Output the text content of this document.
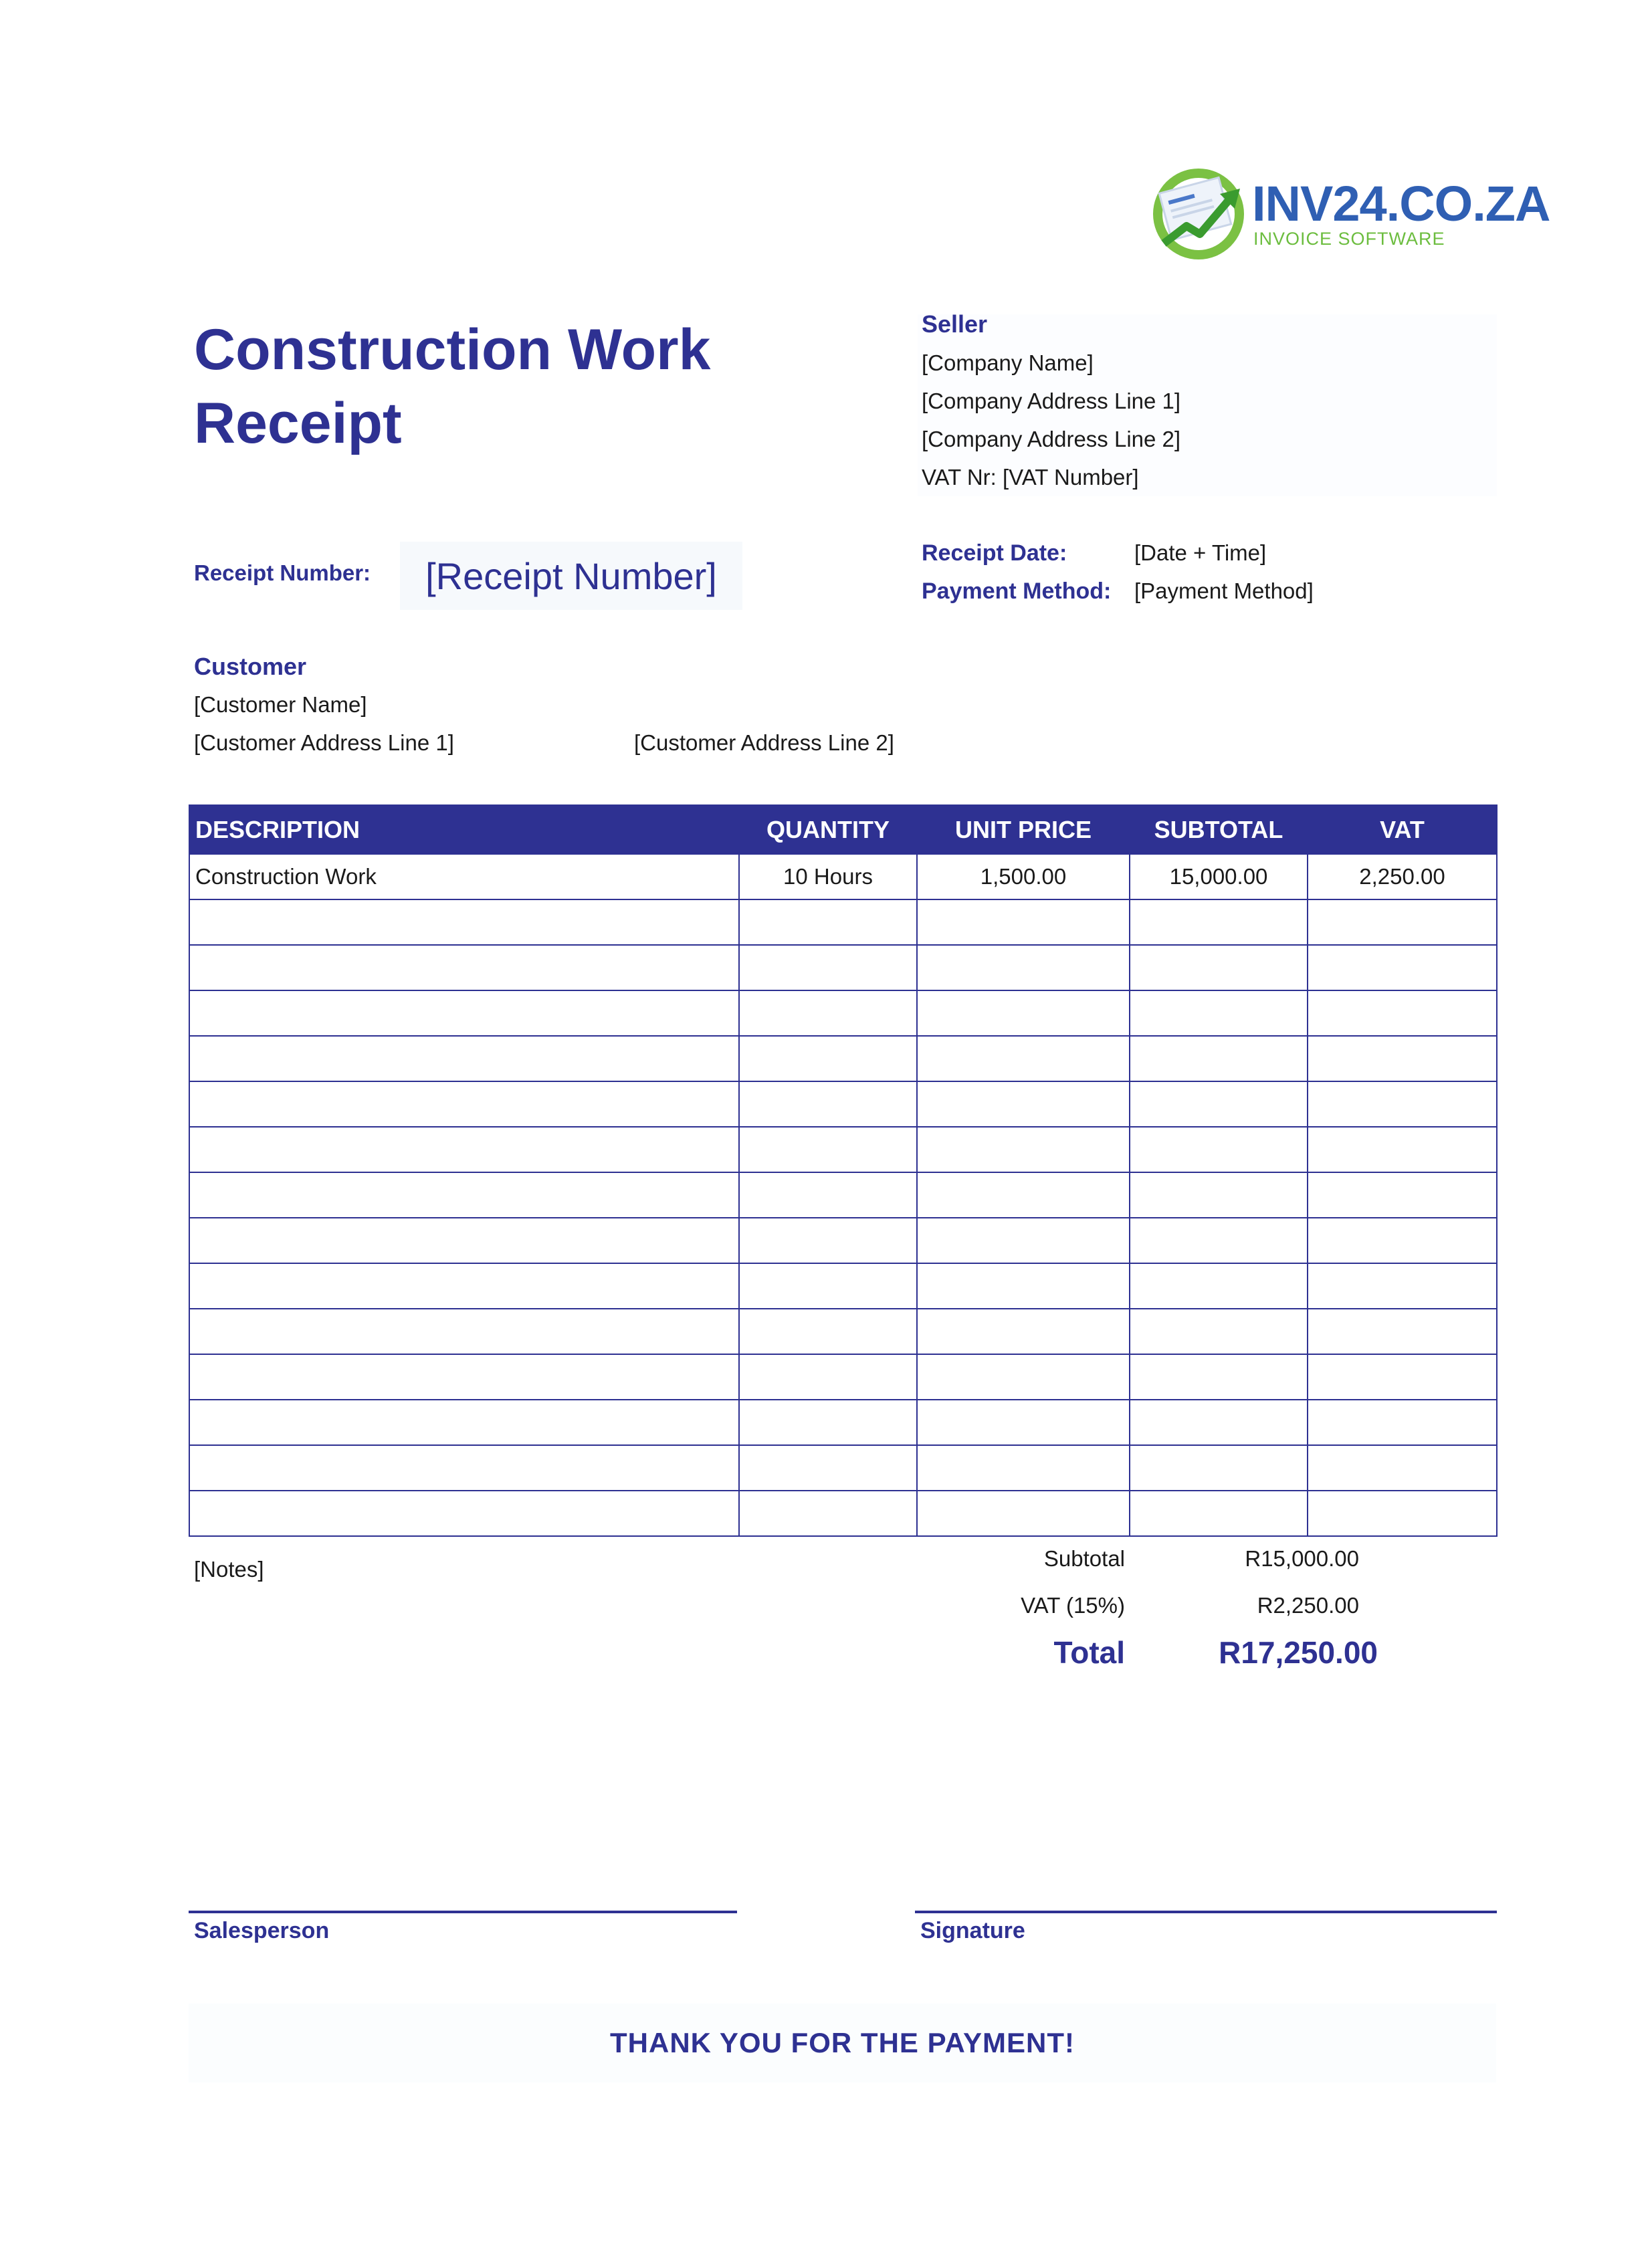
INV24.CO.ZA
INVOICE SOFTWARE
Construction Work
Receipt
Seller
[Company Name]
[Company Address Line 1]
[Company Address Line 2]
VAT Nr: [VAT Number]
Receipt Number:	[Receipt Number]
Receipt Date:	[Date + Time]
Payment Method: [Payment Method]
Customer
[Customer Name]
[Customer Address Line 1]	[Customer Address Line 2]
DESCRIPTION	QUANTITY	UNIT PRICE	SUBTOTAL	VAT
Construction Work	10 Hours	1,500.00	15,000.00	2,250.00

[Notes]	Subtotal	R15,000.00
VAT (15%)	R2,250.00
Total	R17,250.00
Salesperson	Signature
THANK YOU FOR THE PAYMENT!
